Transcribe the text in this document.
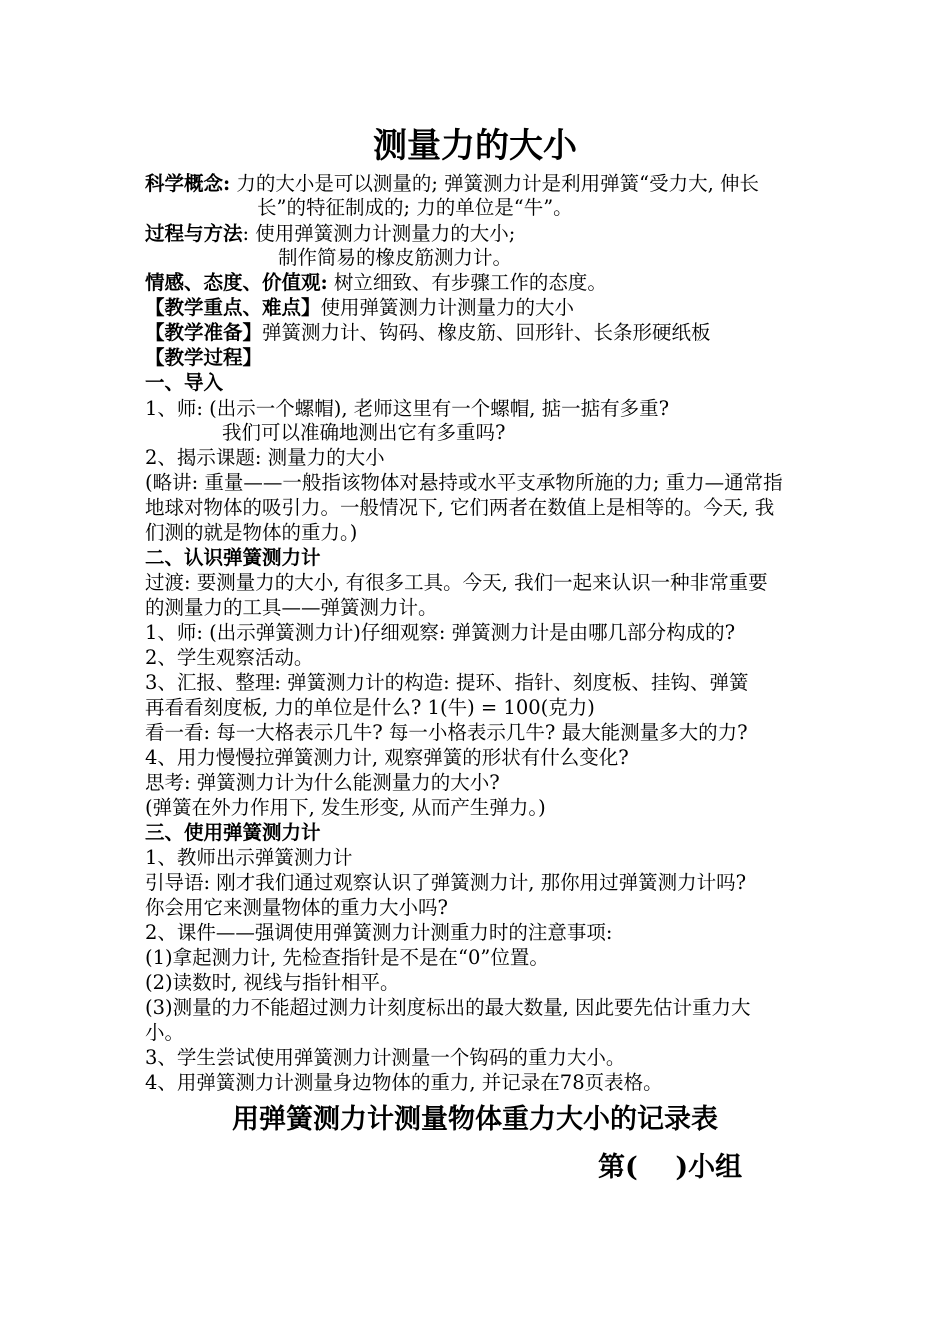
测量力的大小
科学概念: 力的大小是可以测量的; 弹簧测力计是利用弹簧“受力大, 伸长
长”的特征制成的; 力的单位是“牛”。
过程与方法: 使用弹簧测力计测量力的大小;
制作简易的橡皮筋测力计。
情感、态度、价值观: 树立细致、有步骤工作的态度。
【教学重点、难点】使用弹簧测力计测量力的大小
【教学准备】弹簧测力计、钩码、橡皮筋、回形针、长条形硬纸板
【教学过程】
一、导入
1、师: (出示一个螺帽), 老师这里有一个螺帽, 掂一掂有多重?
我们可以准确地测出它有多重吗?
2、揭示课题: 测量力的大小
(略讲: 重量——一般指该物体对悬持或水平支承物所施的力; 重力—通常指
地球对物体的吸引力。一般情况下, 它们两者在数值上是相等的。今天, 我
们测的就是物体的重力。)
二、认识弹簧测力计
过渡: 要测量力的大小, 有很多工具。今天, 我们一起来认识一种非常重要
的测量力的工具——弹簧测力计。
1、师: (出示弹簧测力计)仔细观察: 弹簧测力计是由哪几部分构成的?
2、学生观察活动。
3、汇报、整理: 弹簧测力计的构造: 提环、指针、刻度板、挂钩、弹簧
再看看刻度板, 力的单位是什么? 1(牛) = 100(克力)
看一看: 每一大格表示几牛? 每一小格表示几牛? 最大能测量多大的力?
4、用力慢慢拉弹簧测力计, 观察弹簧的形状有什么变化?
思考: 弹簧测力计为什么能测量力的大小?
(弹簧在外力作用下, 发生形变, 从而产生弹力。)
三、使用弹簧测力计
1、教师出示弹簧测力计
引导语: 刚才我们通过观察认识了弹簧测力计, 那你用过弹簧测力计吗?
你会用它来测量物体的重力大小吗?
2、课件——强调使用弹簧测力计测重力时的注意事项:
(1)拿起测力计, 先检查指针是不是在“0”位置。
(2)读数时, 视线与指针相平。
(3)测量的力不能超过测力计刻度标出的最大数量, 因此要先估计重力大
小。
3、学生尝试使用弹簧测力计测量一个钩码的重力大小。
4、用弹簧测力计测量身边物体的重力, 并记录在78页表格。
用弹簧测力计测量物体重力大小的记录表
第(    )小组
